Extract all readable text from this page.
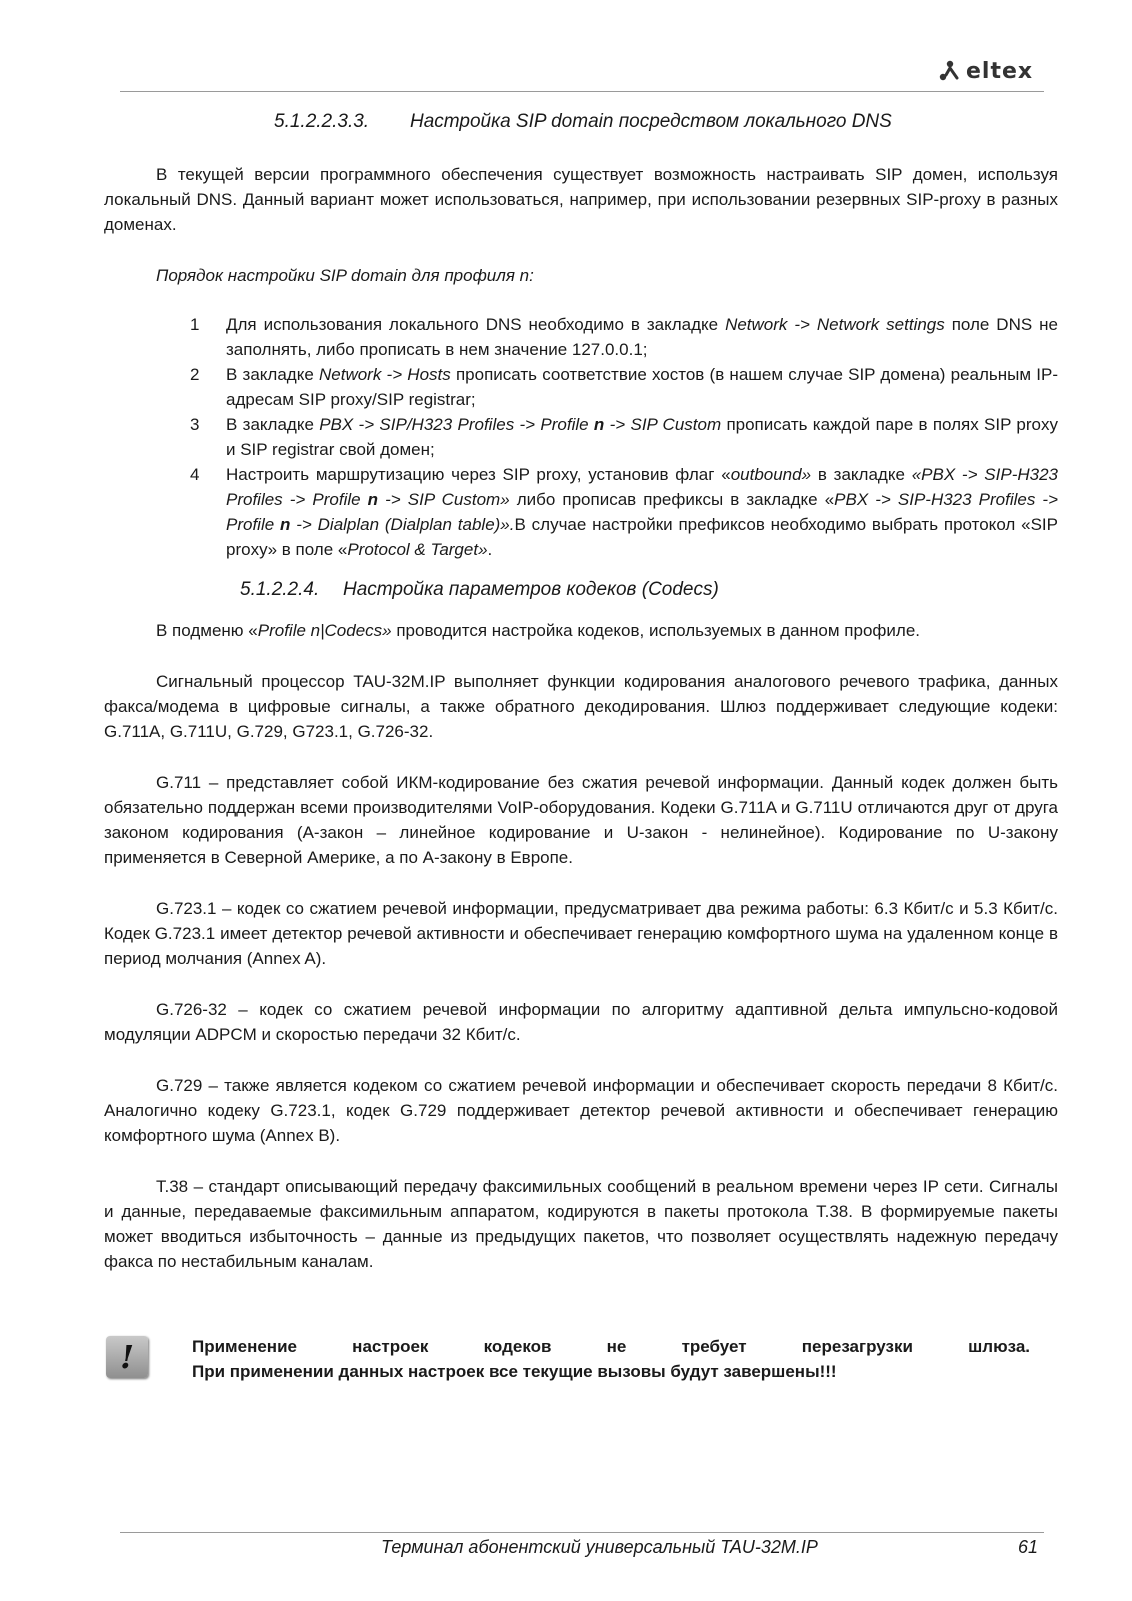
eltex
5.1.2.2.3.3. Настройка SIP domain посредством локального DNS

В текущей версии программного обеспечения существует возможность настраивать SIP домен, используя локальный DNS. Данный вариант может использоваться, например, при использовании резервных SIP-proxy в разных доменах.

Порядок настройки SIP domain для профиля n:

1 Для использования локального DNS необходимо в закладке Network -> Network settings поле DNS не заполнять, либо прописать в нем значение 127.0.0.1;
2 В закладке Network -> Hosts прописать соответствие хостов (в нашем случае SIP домена) реальным IP-адресам SIP proxy/SIP registrar;
3 В закладке PBX -> SIP/H323 Profiles -> Profile n -> SIP Custom прописать каждой паре в полях SIP proxy и SIP registrar свой домен;
4 Настроить маршрутизацию через SIP proxy, установив флаг «outbound» в закладке «PBX -> SIP-H323 Profiles -> Profile n -> SIP Custom» либо прописав префиксы в закладке «PBX -> SIP-H323 Profiles -> Profile n -> Dialplan (Dialplan table)».В случае настройки префиксов необходимо выбрать протокол «SIP proxy» в поле «Protocol & Target».
5.1.2.2.4. Настройка параметров кодеков (Codecs)

В подменю «Profile n|Codecs» проводится настройка кодеков, используемых в данном профиле.

Сигнальный процессор TAU-32M.IP выполняет функции кодирования аналогового речевого трафика, данных факса/модема в цифровые сигналы, а также обратного декодирования. Шлюз поддерживает следующие кодеки: G.711A, G.711U, G.729, G723.1, G.726-32.

G.711 – представляет собой ИКМ-кодирование без сжатия речевой информации. Данный кодек должен быть обязательно поддержан всеми производителями VoIP-оборудования. Кодеки G.711A и G.711U отличаются друг от друга законом кодирования (А-закон – линейное кодирование и U-закон - нелинейное). Кодирование по U-закону применяется в Северной Америке, а по А-закону в Европе.

G.723.1 – кодек со сжатием речевой информации, предусматривает два режима работы: 6.3 Кбит/с и 5.3 Кбит/с. Кодек G.723.1 имеет детектор речевой активности и обеспечивает генерацию комфортного шума на удаленном конце в период молчания (Annex A).

G.726-32 – кодек со сжатием речевой информации по алгоритму адаптивной дельта импульсно-кодовой модуляции ADPCM и скоростью передачи 32 Кбит/с.

G.729 – также является кодеком со сжатием речевой информации и обеспечивает скорость передачи 8 Кбит/с. Аналогично кодеку G.723.1, кодек G.729 поддерживает детектор речевой активности и обеспечивает генерацию комфортного шума (Annex B).

T.38 – стандарт описывающий передачу факсимильных сообщений в реальном времени через IP сети. Сигналы и данные, передаваемые факсимильным аппаратом, кодируются в пакеты протокола T.38. В формируемые пакеты может вводиться избыточность – данные из предыдущих пакетов, что позволяет осуществлять надежную передачу факса по нестабильным каналам.

!	Применение настроек кодеков не требует перезагрузки шлюза.
При применении данных настроек все текущие вызовы будут завершены!!!
Терминал абонентский универсальный TAU-32M.IP	61
